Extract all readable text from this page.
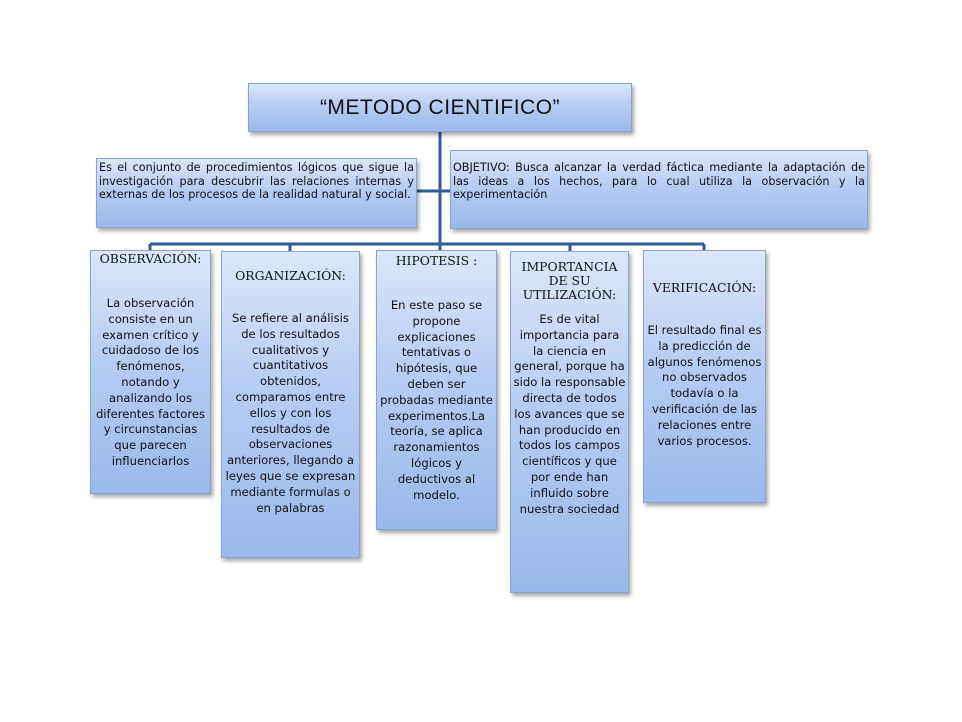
“METODO CIENTIFICO”
Es el conjunto de procedimientos lógicos que sigue la investigación para descubrir las relaciones internas y externas de los procesos de la realidad natural y social.
OBJETIVO: Busca alcanzar la verdad fáctica mediante la adaptación de las ideas a los hechos, para lo cual utiliza la observación y la experimentación
OBSERVACIÓN:
La observación consiste en un examen crítico y cuidadoso de los fenómenos, notando y analizando los diferentes factores y circunstancias que parecen influenciarlos
ORGANIZACIÓN:
Se refiere al análisis de los resultados cualitativos y cuantitativos obtenidos, comparamos entre ellos y con los resultados de observaciones anteriores, llegando a leyes que se expresan mediante formulas o en palabras
HIPOTESIS :
En este paso se propone explicaciones tentativas o hipótesis, que deben ser probadas mediante experimentos.La teoría, se aplica razonamientos lógicos y deductivos al modelo.
IMPORTANCIA DE SU UTILIZACIÓN:
Es de vital importancia para la ciencia en general, porque ha sido la responsable directa de todos los avances que se han producido en todos los campos científicos y que por ende han influido sobre nuestra sociedad
VERIFICACIÓN:
El resultado final es la predicción de algunos fenómenos no observados todavía o la verificación de las relaciones entre varios procesos.
